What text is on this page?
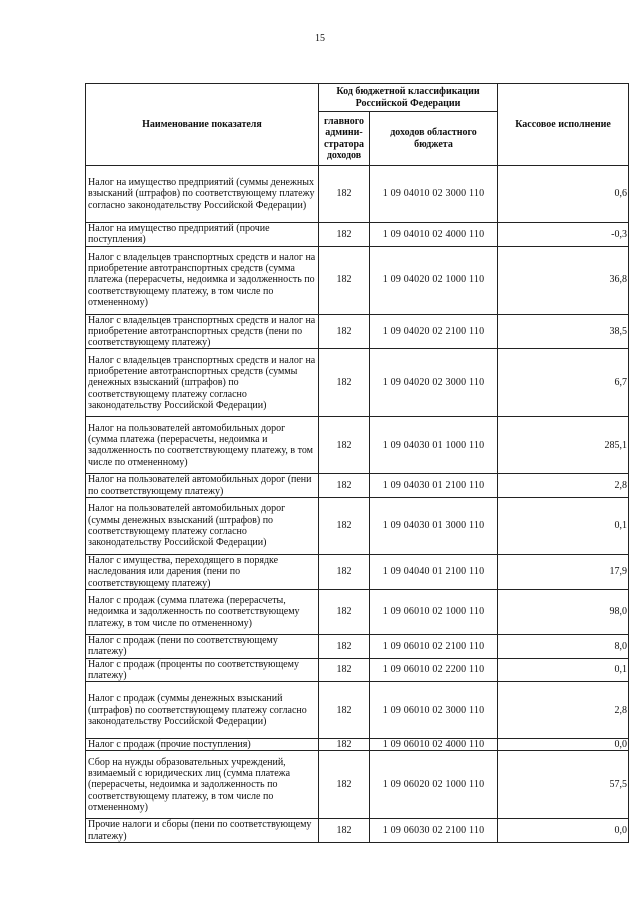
15
Наименование показателя	Код бюджетной классификации Российской Федерации		Кассовое исполнение
	главного админи-стратора доходов	доходов областного бюджета	
Налог на имущество предприятий (суммы денежных взысканий (штрафов) по соответствующему платежу согласно законодательству Российской Федерации)	182	1 09 04010 02 3000 110	0,6
Налог на имущество предприятий (прочие поступления)	182	1 09 04010 02 4000 110	-0,3
Налог с владельцев транспортных средств и налог на приобретение автотранспортных средств (сумма платежа (перерасчеты, недоимка и задолженность по соответствующему платежу, в том числе по отмененному)	182	1 09 04020 02 1000 110	36,8
Налог с владельцев транспортных средств и налог на приобретение автотранспортных средств (пени по соответствующему платежу)	182	1 09 04020 02 2100 110	38,5
Налог с владельцев транспортных средств и налог на приобретение автотранспортных средств (суммы денежных взысканий (штрафов) по соответствующему платежу согласно законодательству Российской Федерации)	182	1 09 04020 02 3000 110	6,7
Налог на пользователей автомобильных дорог (сумма платежа (перерасчеты, недоимка и задолженность по соответствующему платежу, в том числе по отмененному)	182	1 09 04030 01 1000 110	285,1
Налог на пользователей автомобильных дорог (пени по соответствующему платежу)	182	1 09 04030 01 2100 110	2,8
Налог на пользователей автомобильных дорог (суммы денежных взысканий (штрафов) по соответствующему платежу согласно законодательству Российской Федерации)	182	1 09 04030 01 3000 110	0,1
Налог с имущества, переходящего в порядке наследования или дарения (пени по соответствующему платежу)	182	1 09 04040 01 2100 110	17,9
Налог с продаж (сумма платежа (перерасчеты, недоимка и задолженность по соответствующему платежу, в том числе по отмененному)	182	1 09 06010 02 1000 110	98,0
Налог с продаж (пени по соответствующему платежу)	182	1 09 06010 02 2100 110	8,0
Налог с продаж (проценты по соответствующему платежу)	182	1 09 06010 02 2200 110	0,1
Налог с продаж (суммы денежных взысканий (штрафов) по соответствующему платежу согласно законодательству Российской Федерации)	182	1 09 06010 02 3000 110	2,8
Налог с продаж (прочие поступления)	182	1 09 06010 02 4000 110	0,0
Сбор на нужды образовательных учреждений, взимаемый с юридических лиц (сумма платежа (перерасчеты, недоимка и задолженность по соответствующему платежу, в том числе по отмененному)	182	1 09 06020 02 1000 110	57,5
Прочие налоги и сборы (пени по соответствующему платежу)	182	1 09 06030 02 2100 110	0,0
